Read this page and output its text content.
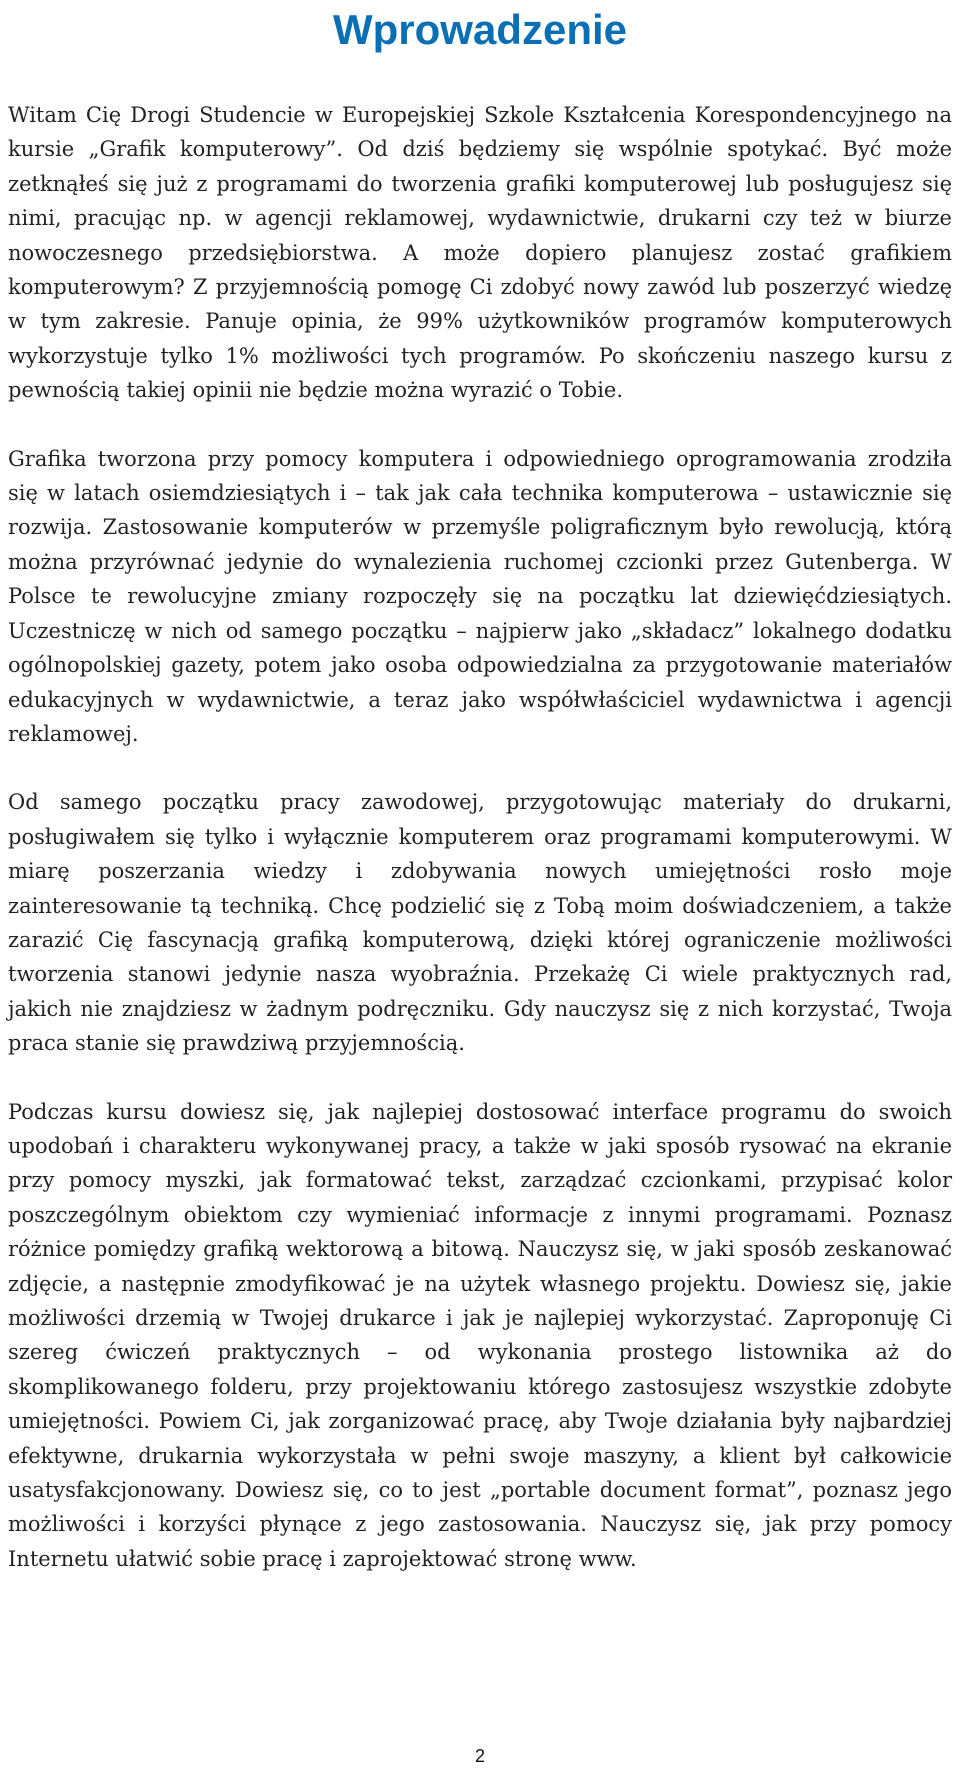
Wprowadzenie

Witam Cię Drogi Studencie w Europejskiej Szkole Kształcenia Korespondencyjnego na kursie „Grafik komputerowy”. Od dziś będziemy się wspólnie spotykać. Być może zetknąłeś się już z programami do tworzenia grafiki komputerowej lub posługujesz się nimi, pracując np. w agencji reklamowej, wydawnictwie, drukarni czy też w biurze nowoczesnego przedsiębiorstwa. A może dopiero planujesz zostać grafikiem komputerowym? Z przyjemnością pomogę Ci zdobyć nowy zawód lub poszerzyć wiedzę w tym zakresie. Panuje opinia, że 99% użytkowników programów komputerowych wykorzystuje tylko 1% możliwości tych programów. Po skończeniu naszego kursu z pewnością takiej opinii nie będzie można wyrazić o Tobie.

Grafika tworzona przy pomocy komputera i odpowiedniego oprogramowania zrodziła się w latach osiemdziesiątych i – tak jak cała technika komputerowa – ustawicznie się rozwija. Zastosowanie komputerów w przemyśle poligraficznym było rewolucją, którą można przyrównać jedynie do wynalezienia ruchomej czcionki przez Gutenberga. W Polsce te rewolucyjne zmiany rozpoczęły się na początku lat dziewięćdziesiątych. Uczestniczę w nich od samego początku – najpierw jako „składacz” lokalnego dodatku ogólnopolskiej gazety, potem jako osoba odpowiedzialna za przygotowanie materiałów edukacyjnych w wydawnictwie, a teraz jako współwłaściciel wydawnictwa i agencji reklamowej.

Od samego początku pracy zawodowej, przygotowując materiały do drukarni, posługiwałem się tylko i wyłącznie komputerem oraz programami komputerowymi. W miarę poszerzania wiedzy i zdobywania nowych umiejętności rosło moje zainteresowanie tą techniką. Chcę podzielić się z Tobą moim doświadczeniem, a także zarazić Cię fascynacją grafiką komputerową, dzięki której ograniczenie możliwości tworzenia stanowi jedynie nasza wyobraźnia. Przekażę Ci wiele praktycznych rad, jakich nie znajdziesz w żadnym podręczniku. Gdy nauczysz się z nich korzystać, Twoja praca stanie się prawdziwą przyjemnością.

Podczas kursu dowiesz się, jak najlepiej dostosować interface programu do swoich upodobań i charakteru wykonywanej pracy, a także w jaki sposób rysować na ekranie przy pomocy myszki, jak formatować tekst, zarządzać czcionkami, przypisać kolor poszczególnym obiektom czy wymieniać informacje z innymi programami. Poznasz różnice pomiędzy grafiką wektorową a bitową. Nauczysz się, w jaki sposób zeskanować zdjęcie, a następnie zmodyfikować je na użytek własnego projektu. Dowiesz się, jakie możliwości drzemią w Twojej drukarce i jak je najlepiej wykorzystać. Zaproponuję Ci szereg ćwiczeń praktycznych – od wykonania prostego listownika aż do skomplikowanego folderu, przy projektowaniu którego zastosujesz wszystkie zdobyte umiejętności. Powiem Ci, jak zorganizować pracę, aby Twoje działania były najbardziej efektywne, drukarnia wykorzystała w pełni swoje maszyny, a klient był całkowicie usatysfakcjonowany. Dowiesz się, co to jest „portable document format”, poznasz jego możliwości i korzyści płynące z jego zastosowania. Nauczysz się, jak przy pomocy Internetu ułatwić sobie pracę i zaprojektować stronę www.

2
